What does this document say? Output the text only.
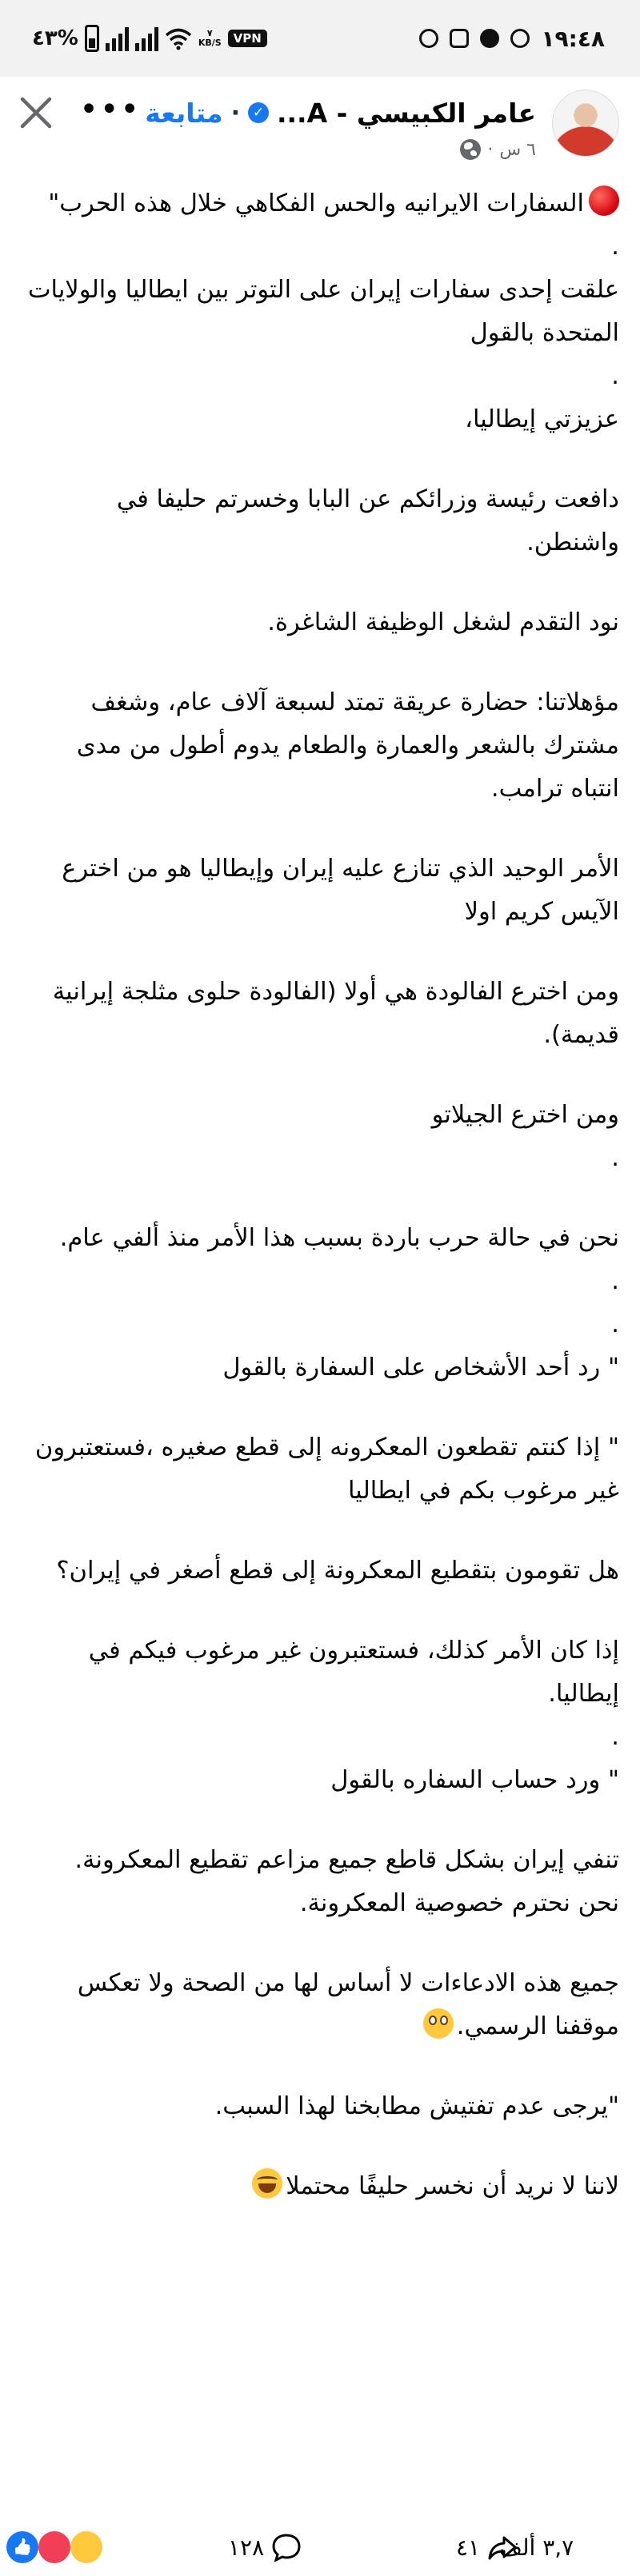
٤٣%	٧
KB/S	VPN	١٩:٤٨
عامر الكبيسي - A...
✓
·
متابعة
٦ س
·
•••

السفارات الايرانيه والحس الفكاهي خلال هذه الحرب"

.

علقت إحدى سفارات إيران على التوتر بين ايطاليا والولايات المتحدة بالقول

.

عزيزتي إيطاليا،

دافعت رئيسة وزرائكم عن البابا وخسرتم حليفا في واشنطن.

نود التقدم لشغل الوظيفة الشاغرة.

مؤهلاتنا: حضارة عريقة تمتد لسبعة آلاف عام، وشغف مشترك بالشعر والعمارة والطعام يدوم أطول من مدى انتباه ترامب.

الأمر الوحيد الذي تنازع عليه إيران وإيطاليا هو من اخترع الآيس كريم اولا

ومن اخترع الفالودة هي أولا (الفالودة حلوى مثلجة إيرانية قديمة).

ومن اخترع الجيلاتو

.

نحن في حالة حرب باردة بسبب هذا الأمر منذ ألفي عام.

.

.

" رد أحد الأشخاص على السفارة بالقول

" إذا كنتم تقطعون المعكرونه إلى قطع صغيره ،فستعتبرون غير مرغوب بكم في ايطاليا

هل تقومون بتقطيع المعكرونة إلى قطع أصغر في إيران؟

إذا كان الأمر كذلك، فستعتبرون غير مرغوب فيكم في إيطاليا.

.

" ورد حساب السفاره بالقول

تنفي إيران بشكل قاطع جميع مزاعم تقطيع المعكرونة. نحن نحترم خصوصية المعكرونة.

جميع هذه الادعاءات لا أساس لها من الصحة ولا تعكس موقفنا الرسمي.

"يرجى عدم تفتيش مطابخنا لهذا السبب.

لاننا لا نريد أن نخسر حليفًا محتملا

👍
٣,٧ ألف
١٢٨	٤١
